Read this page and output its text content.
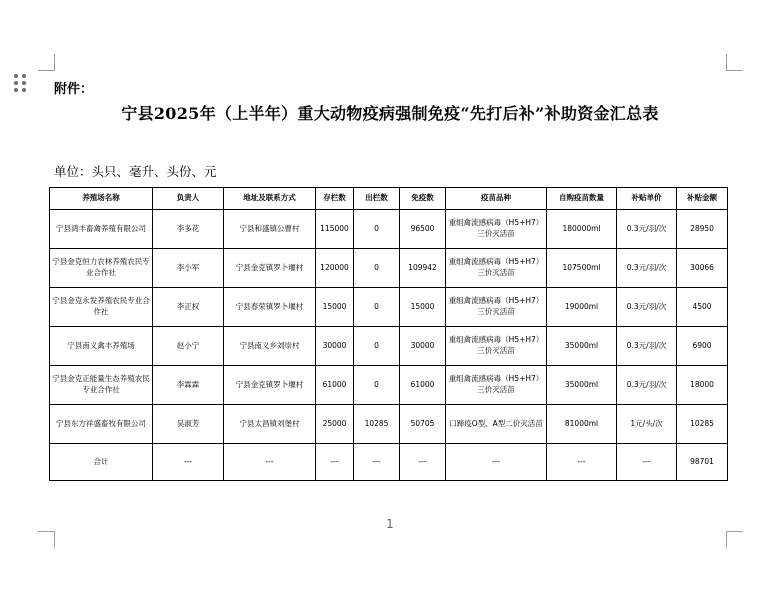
附件：
宁县2025年（上半年）重大动物疫病强制免疫“先打后补”补助资金汇总表
单位：头只、毫升、头份、元
养殖场名称	负责人	地址及联系方式	存栏数	出栏数	免疫数	疫苗品种	自购疫苗数量	补贴单价	补贴金额
宁县鸿丰畜禽养殖有限公司	李多花	宁县和盛镇公曹村	115000	0	96500	重组禽流感病毒（H5+H7）三价灭活苗	180000ml	0.3元/羽/次	28950
宁县金克恒力农林养殖农民专业合作社	李小军	宁县金克镇罗卜堰村	120000	0	109942	重组禽流感病毒（H5+H7）三价灭活苗	107500ml	0.3元/羽/次	30066
宁县金克永发养殖农民专业合作社	李正权	宁县春荣镇罗卜堰村	15000	0	15000	重组禽流感病毒（H5+H7）三价灭活苗	19000ml	0.3元/羽/次	4500
宁县南义禽丰养殖场	赵小宁	宁县南义乡刘崇村	30000	0	30000	重组禽流感病毒（H5+H7）三价灭活苗	35000ml	0.3元/羽/次	6900
宁县金克正能量生态养殖农民专业合作社	李霖霖	宁县金克镇罗卜堰村	61000	0	61000	重组禽流感病毒（H5+H7）三价灭活苗	35000ml	0.3元/羽/次	18000
宁县东方祥盛畜牧有限公司	吴淑芳	宁县太昌镇刘堡村	25000	10285	50705	口蹄疫O型、A型二价灭活苗	81000ml	1元/头/次	10285
合计	---	---	---	---	---	---	---	---	98701
1
